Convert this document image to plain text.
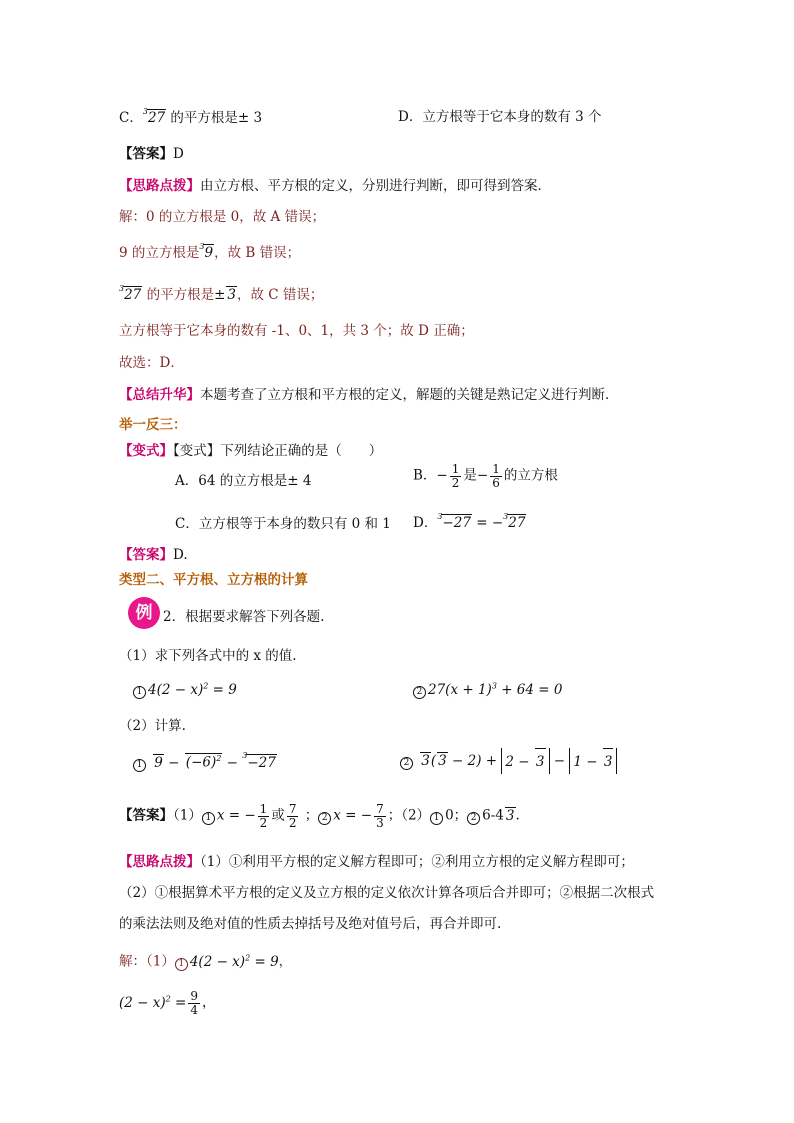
C．$^3$27 的平方根是± 3	D．立方根等于它本身的数有 3 个
【答案】D
【思路点拨】由立方根、平方根的定义，分别进行判断，即可得到答案．
解：0 的立方根是 0，故 A 错误；
9 的立方根是$^3$9，故 B 错误；
$^3$27 的平方根是± 3，故 C 错误；
立方根等于它本身的数有 -1、0、1，共 3 个；故 D 正确；
故选：D．
【总结升华】本题考查了立方根和平方根的定义，解题的关键是熟记定义进行判断．
举一反三：
【变式】【变式】下列结论正确的是（　　）
A．64 的立方根是± 4	B．− $\frac{1}{2}$ 是− $\frac{1}{6}$ 的立方根
C．立方根等于本身的数只有 0 和 1 D．$^3$−27 = −$^3$27
【答案】D.
类型二、平方根、立方根的计算
例 2．根据要求解答下列各题.
（1）求下列各式中的 x 的值.
1 $4(2 - x)^2 = 9$	2 $27(x + 1)^3 + 64 = 0$
（2）计算.
1 $9 - (-6)^2 - ^3-27$	2 3( 3 − 2) + 2 − 3 − 1 − 3
【答案】（1） 1 x = − $\frac{1}{2}$ 或 $\frac{7}{2}$ ； 2 x = − $\frac{7}{3}$ ；（2） 1 0； 2 6-4 3.
【思路点拨】（1）①利用平方根的定义解方程即可；②利用立方根的定义解方程即可；
（2）①根据算术平方根的定义及立方根的定义依次计算各项后合并即可；②根据二次根式
的乘法法则及绝对值的性质去掉括号及绝对值号后，再合并即可.
解：（1） 1 $4(2 - x)^2 = 9$，
$(2 - x)^2 = \frac{9}{4}$ ，
